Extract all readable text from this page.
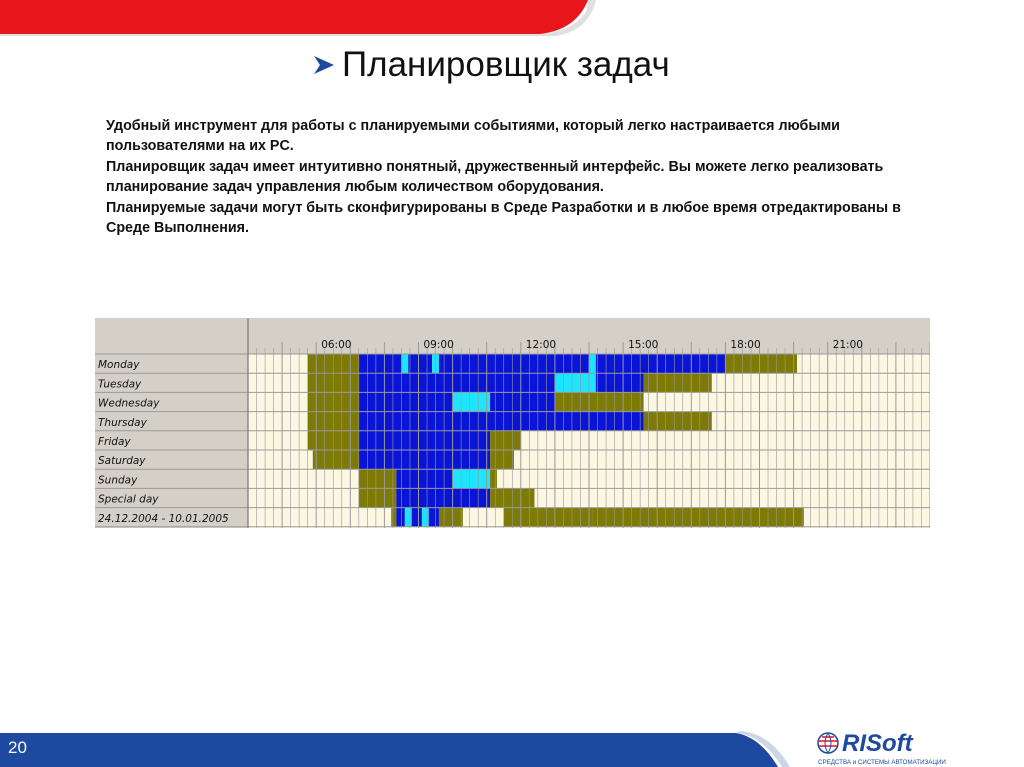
Планировщик задач

Удобный инструмент для работы с планируемыми событиями, который легко настраивается любыми пользователями на их PC.

Планировщик задач имеет интуитивно понятный, дружественный интерфейс. Вы можете легко реализовать планирование задач управления любым количеством оборудования.

Планируемые задачи могут быть сконфигурированы в Среде Разработки и в любое время отредактированы в Среде Выполнения.

06:00	09:00	12:00	15:00	18:00	21:00
Monday
Tuesday
Wednesday
Thursday
Friday
Saturday
Sunday
Special day
24.12.2004 - 10.01.2005
20	RISoft
СРЕДСТВА и СИСТЕМЫ АВТОМАТИЗАЦИИ
